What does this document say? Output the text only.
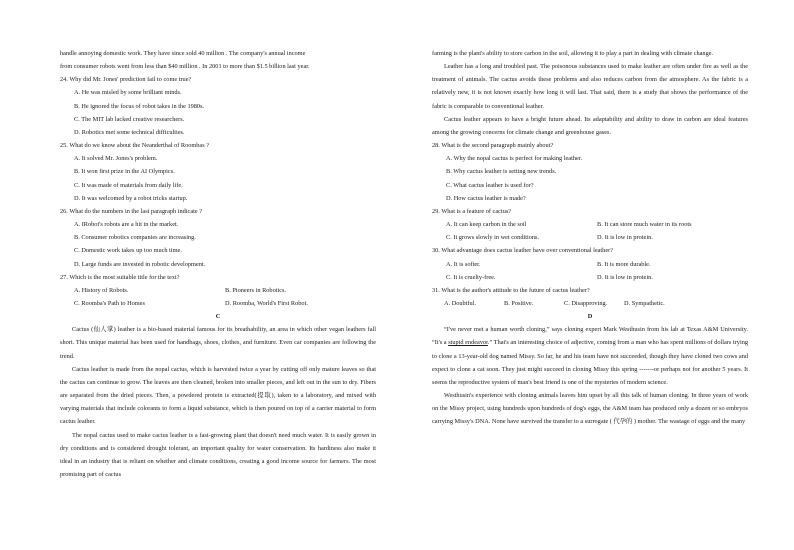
handle annoying domestic work. They have since sold 40 million . The company's annual income
from consumer robots went from less than $40 million . In 2001 to more than $1.5 billion last year.
24. Why did Mr. Jones' prediction fail to come true?
A. He was misled by some brilliant minds.
B. He ignored the focus of robot takes in the 1980s.
C. The MIT lab lacked creative researchers.
D. Robotics met some technical difficulties.
25. What do we know about the Neanderthal of Roombas ?
A. It solved Mr. Jones's problem.
B. It won first prize in the AI Olympics.
C. It was made of materials from daily life.
D. It was welcomed by a robot tricks startup.
26. What do the numbers in the last paragraph indicate ?
A. IRobot's robots are a hit in the market.
B. Consumer robotics companies are increasing.
C. Domestic work takes up too much time.
D. Large funds are invested in robotic development.
27. Which is the most suitable title for the text?
A. History of Robots.	B. Pioneers in Robotics.
C. Roomba's Path to Homes	D. Roomba, World's First Robot.
C
Cactus (仙人掌) leather is a bio-based material famous for its breathability, an area in which other vegan leathers fall short. This unique material has been used for handbags, shoes, clothes, and furniture. Even car companies are following the trend.
Cactus leather is made from the nopal cactus, which is harvested twice a year by cutting off only mature leaves so that the cactus can continue to grow. The leaves are then cleaned, broken into smaller pieces, and left out in the sun to dry. Fibers are separated from the dried pieces. Then, a powdered protein is extracted(提取), taken to a laboratory, and mixed with varying materials that include colorants to form a liquid substance, which is then poured on top of a carrier material to form cactus leather.
The nopal cactus used to make cactus leather is a fast-growing plant that doesn't need much water. It is easily grown in dry conditions and is considered drought tolerant, an important quality for water conservation. Its hardiness also make it ideal in an industry that is reliant on whether and climate conditions, creating a good income source for farmers. The most promising part of cactus
farming is the plant's ability to store carbon in the soil, allowing it to play a part in dealing with climate change.
Leather has a long and troubled past. The poisonous substances used to make leather are often under fire as well as the treatment of animals. The cactus avoids these problems and also reduces carbon from the atmosphere. As the fabric is a relatively new, it is not known exactly how long it will last. That said, there is a study that shows the performance of the fabric is comparable to conventional leather.
Cactus leather appears to have a bright future ahead. Its adaptability and ability to draw in carbon are ideal features among the growing concerns for climate change and greenhouse gases.
28. What is the second paragraph mainly about?
A. Why the nopal cactus is perfect for making leather.
B. Why cactus leather is setting new trends.
C. What cactus leather is used for?
D. How cactus leather is made?
29. What is a feature of cactus?
A. It can keep carbon in the soil	B. It can store much water in its roots
C. It grows slowly in wet conditions.	D. It is low in protein.
30. What advantage does cactus leather have over conventional leather?
A. It is softer.	B. It is more durable.
C. It is cruelty-free.	D. It is low in protein.
31. What is the author's attitude to the future of cactus leather?
A. Doubtful.	B. Positive.	C. Disapproving.	D. Sympathetic.
D
“I've never met a human worth cloning,” says cloning expert Mark Westhusin from his lab at Texas A&M University. “It's a stupid endeavor.” That's an interesting choice of adjective, coming from a man who has spent millions of dollars trying to clone a 13-year-old dog named Missy. So far, he and his team have not succeeded, though they have cloned two cows and expect to clone a cat soon. They just might succeed in cloning Missy this spring -------or perhaps not for another 5 years. It seems the reproductive system of man's best friend is one of the mysteries of modern science.
Westhusin's experience with cloning animals leaves him upset by all this talk of human cloning. In three years of work on the Missy project, using hundreds upon hundreds of dog's eggs, the A&M team has produced only a dozen or so embryos carrying Missy's DNA. None have survived the transfer to a surrogate ( 代孕的 ) mother. The wastage of eggs and the many
